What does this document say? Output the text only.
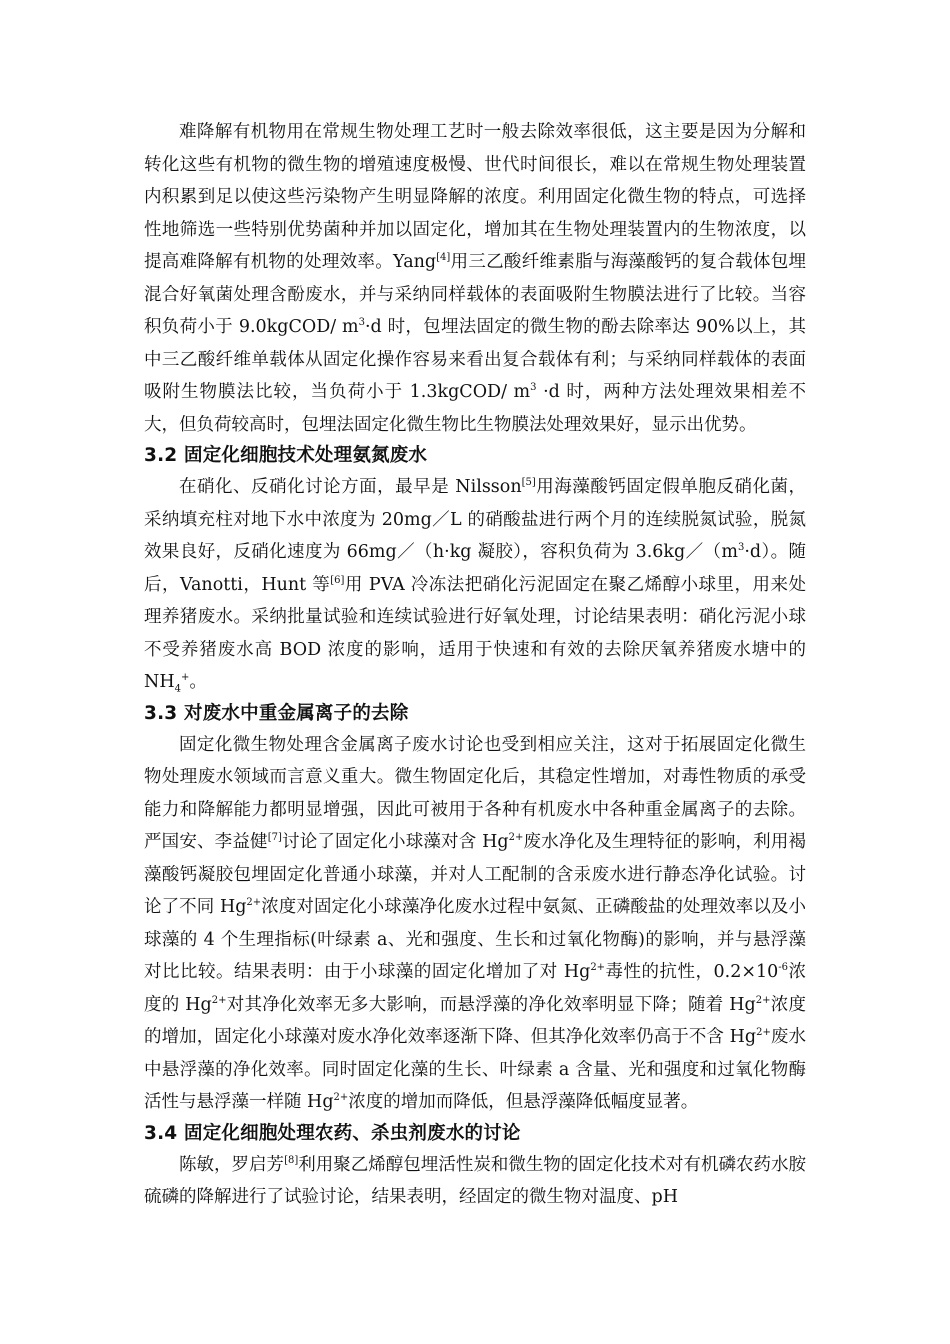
难降解有机物用在常规生物处理工艺时一般去除效率很低，这主要是因为分解和转化这些有机物的微生物的增殖速度极慢、世代时间很长，难以在常规生物处理装置内积累到足以使这些污染物产生明显降解的浓度。利用固定化微生物的特点，可选择性地筛选一些特别优势菌种并加以固定化，增加其在生物处理装置内的生物浓度，以提高难降解有机物的处理效率。Yang[4]用三乙酸纤维素脂与海藻酸钙的复合载体包埋混合好氧菌处理含酚废水，并与采纳同样载体的表面吸附生物膜法进行了比较。当容积负荷小于 9.0kgCOD/ $m^3\cdot d$ 时，包埋法固定的微生物的酚去除率达 90%以上，其中三乙酸纤维单载体从固定化操作容易来看出复合载体有利；与采纳同样载体的表面吸附生物膜法比较，当负荷小于 1.3kgCOD/ $m^3 \cdot d$ 时，两种方法处理效果相差不大，但负荷较高时，包埋法固定化微生物比生物膜法处理效果好，显示出优势。

3.2 固定化细胞技术处理氨氮废水

在硝化、反硝化讨论方面，最早是 Nilsson[5]用海藻酸钙固定假单胞反硝化菌，采纳填充柱对地下水中浓度为 20mg／L 的硝酸盐进行两个月的连续脱氮试验，脱氮效果良好，反硝化速度为 66mg／（h·kg 凝胶），容积负荷为 $3.6kg/(m^3\cdot d)$。随后，Vanotti，Hunt 等[6]用 PVA 冷冻法把硝化污泥固定在聚乙烯醇小球里，用来处理养猪废水。采纳批量试验和连续试验进行好氧处理，讨论结果表明：硝化污泥小球不受养猪废水高 BOD 浓度的影响，适用于快速和有效的去除厌氧养猪废水塘中的 $NH_4^+$。

3.3 对废水中重金属离子的去除

固定化微生物处理含金属离子废水讨论也受到相应关注，这对于拓展固定化微生物处理废水领域而言意义重大。微生物固定化后，其稳定性增加，对毒性物质的承受能力和降解能力都明显增强，因此可被用于各种有机废水中各种重金属离子的去除。严国安、李益健[7]讨论了固定化小球藻对含 $Hg^{2+}$废水净化及生理特征的影响，利用褐藻酸钙凝胶包埋固定化普通小球藻，并对人工配制的含汞废水进行静态净化试验。讨论了不同 $Hg^{2+}$浓度对固定化小球藻净化废水过程中氨氮、正磷酸盐的处理效率以及小球藻的 4 个生理指标(叶绿素 a、光和强度、生长和过氧化物酶)的影响，并与悬浮藻对比比较。结果表明：由于小球藻的固定化增加了对 $Hg^{2+}$毒性的抗性，$0.2\times 10^{-6}$浓度的 $Hg^{2+}$对其净化效率无多大影响，而悬浮藻的净化效率明显下降；随着 $Hg^{2+}$浓度的增加，固定化小球藻对废水净化效率逐渐下降、但其净化效率仍高于不含 $Hg^{2+}$废水中悬浮藻的净化效率。同时固定化藻的生长、叶绿素 a 含量、光和强度和过氧化物酶活性与悬浮藻一样随 $Hg^{2+}$浓度的增加而降低，但悬浮藻降低幅度显著。

3.4 固定化细胞处理农药、杀虫剂废水的讨论

陈敏，罗启芳[8]利用聚乙烯醇包埋活性炭和微生物的固定化技术对有机磷农药水胺硫磷的降解进行了试验讨论，结果表明，经固定的微生物对温度、pH
